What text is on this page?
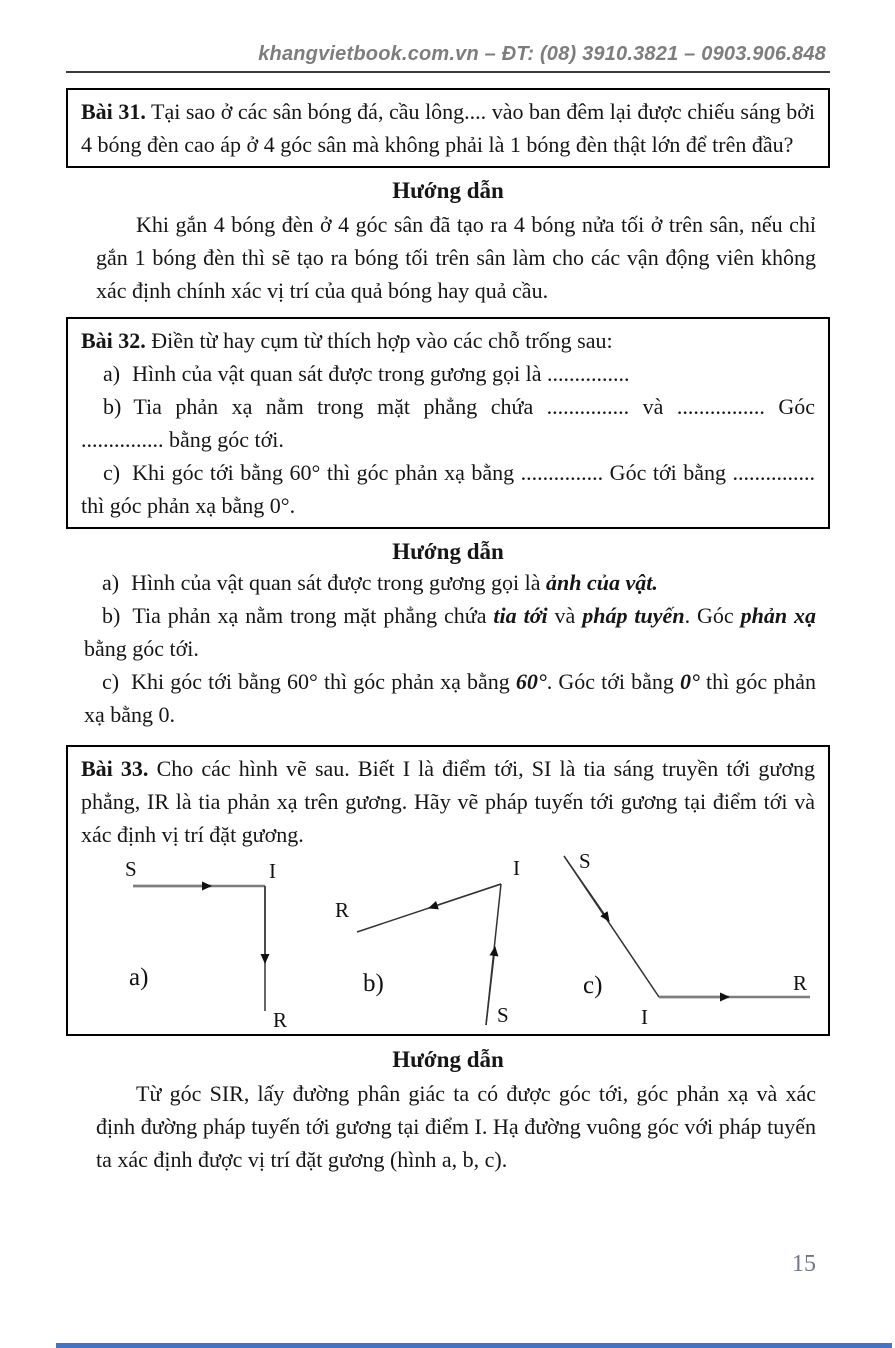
khangvietbook.com.vn – ĐT: (08) 3910.3821 – 0903.906.848

Bài 31. Tại sao ở các sân bóng đá, cầu lông.... vào ban đêm lại được chiếu sáng bởi 4 bóng đèn cao áp ở 4 góc sân mà không phải là 1 bóng đèn thật lớn để trên đầu?

Hướng dẫn

Khi gắn 4 bóng đèn ở 4 góc sân đã tạo ra 4 bóng nửa tối ở trên sân, nếu chỉ gắn 1 bóng đèn thì sẽ tạo ra bóng tối trên sân làm cho các vận động viên không xác định chính xác vị trí của quả bóng hay quả cầu.

Bài 32. Điền từ hay cụm từ thích hợp vào các chỗ trống sau:

a) Hình của vật quan sát được trong gương gọi là ...............

b) Tia phản xạ nằm trong mặt phẳng chứa ............... và ................ Góc ............... bằng góc tới.

c) Khi góc tới bằng 60° thì góc phản xạ bằng ............... Góc tới bằng ............... thì góc phản xạ bằng 0°.

Hướng dẫn

a) Hình của vật quan sát được trong gương gọi là ảnh của vật.

b) Tia phản xạ nằm trong mặt phẳng chứa tia tới và pháp tuyến. Góc phản xạ bằng góc tới.

c) Khi góc tới bằng 60° thì góc phản xạ bằng 60°. Góc tới bằng 0° thì góc phản xạ bằng 0.

Bài 33. Cho các hình vẽ sau. Biết I là điểm tới, SI là tia sáng truyền tới gương phẳng, IR là tia phản xạ trên gương. Hãy vẽ pháp tuyến tới gương tại điểm tới và xác định vị trí đặt gương.

S	I
R
a)
I
R
S
b)
S
R
I
c)
Hướng dẫn

Từ góc SIR, lấy đường phân giác ta có được góc tới, góc phản xạ và xác định đường pháp tuyến tới gương tại điểm I. Hạ đường vuông góc với pháp tuyến ta xác định được vị trí đặt gương (hình a, b, c).

15
